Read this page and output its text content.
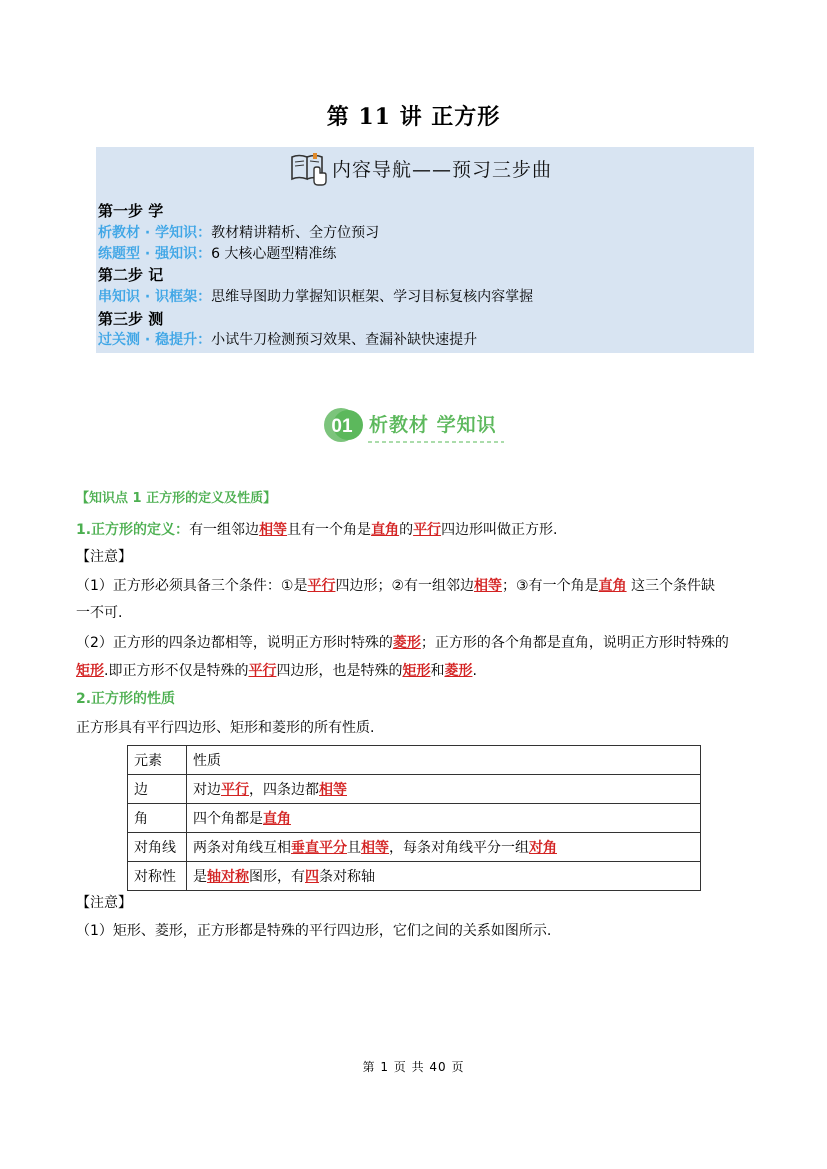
第 11 讲 正方形
内容导航——预习三步曲
第一步 学
析教材 · 学知识：教材精讲精析、全方位预习
练题型 · 强知识：6 大核心题型精准练
第二步 记
串知识 · 识框架：思维导图助力掌握知识框架、学习目标复核内容掌握
第三步 测
过关测 · 稳提升：小试牛刀检测预习效果、查漏补缺快速提升
01 析教材 学知识
【知识点 1 正方形的定义及性质】
1.正方形的定义：有一组邻边相等且有一个角是直角的平行四边形叫做正方形.
【注意】
（1）正方形必须具备三个条件：①是平行四边形；②有一组邻边相等；③有一个角是直角 这三个条件缺
一不可.
（2）正方形的四条边都相等，说明正方形时特殊的菱形；正方形的各个角都是直角，说明正方形时特殊的
矩形.即正方形不仅是特殊的平行四边形，也是特殊的矩形和菱形.
2.正方形的性质
正方形具有平行四边形、矩形和菱形的所有性质.
元素	性质
边	对边平行，四条边都相等
角	四个角都是直角
对角线	两条对角线互相垂直平分且相等，每条对角线平分一组对角
对称性	是轴对称图形，有四条对称轴
【注意】
（1）矩形、菱形，正方形都是特殊的平行四边形，它们之间的关系如图所示.
第 1 页 共 40 页
